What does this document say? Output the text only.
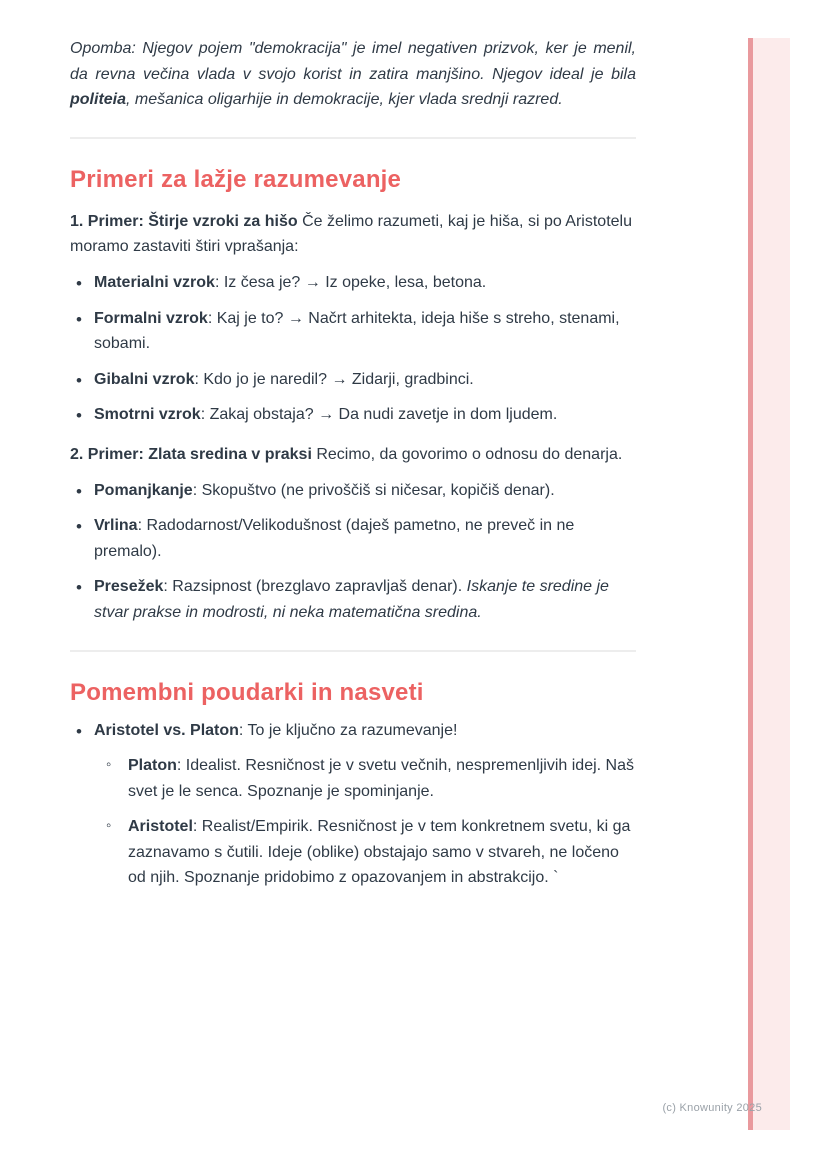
Opomba: Njegov pojem "demokracija" je imel negativen prizvok, ker je menil, da revna večina vlada v svojo korist in zatira manjšino. Njegov ideal je bila politeia, mešanica oligarhije in demokracije, kjer vlada srednji razred.

Primeri za lažje razumevanje

1. Primer: Štirje vzroki za hišo Če želimo razumeti, kaj je hiša, si po Aristotelu moramo zastaviti štiri vprašanja:

• Materialni vzrok: Iz česa je? → Iz opeke, lesa, betona.
• Formalni vzrok: Kaj je to? → Načrt arhitekta, ideja hiše s streho, stenami, sobami.
• Gibalni vzrok: Kdo jo je naredil? → Zidarji, gradbinci.
• Smotrni vzrok: Zakaj obstaja? → Da nudi zavetje in dom ljudem.

2. Primer: Zlata sredina v praksi Recimo, da govorimo o odnosu do denarja.

• Pomanjkanje: Skopuštvo (ne privoščiš si ničesar, kopičiš denar).
• Vrlina: Radodarnost/Velikodušnost (daješ pametno, ne preveč in ne premalo).
• Presežek: Razsipnost (brezglavo zapravljaš denar). Iskanje te sredine je stvar prakse in modrosti, ni neka matematična sredina.
Pomembni poudarki in nasveti
• Aristotel vs. Platon: To je ključno za razumevanje!
◦ Platon: Idealist. Resničnost je v svetu večnih, nespremenljivih idej. Naš svet je le senca. Spoznanje je spominjanje.
◦ Aristotel: Realist/Empirik. Resničnost je v tem konkretnem svetu, ki ga zaznavamo s čutili. Ideje (oblike) obstajajo samo v stvareh, ne ločeno od njih. Spoznanje pridobimo z opazovanjem in abstrakcijo. `
(c) Knowunity 2025
